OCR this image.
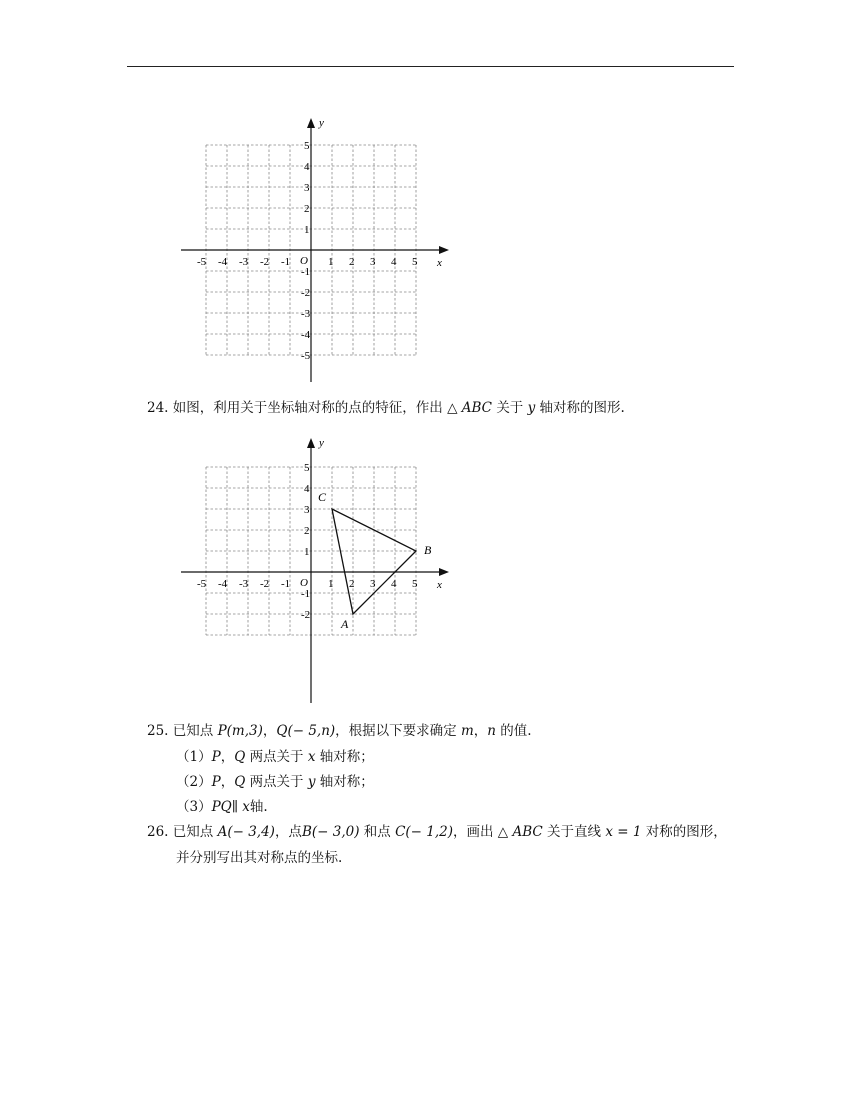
x
y
O
-5 -4 -3 -2 -1	1 2 3 4 5
5
4
3
2
1
-1
-2
-3
-4
-5
24. 如图，利用关于坐标轴对称的点的特征，作出 △ ABC 关于 y 轴对称的图形.
x
y
O
-5 -4 -3 -2 -1	1 2 3 4 5
5
4
3
2
1
-1
-2
A
B
C
25. 已知点 P(m,3)，Q(− 5,n)，根据以下要求确定 m，n 的值.
（1）P，Q 两点关于 x 轴对称；
（2）P，Q 两点关于 y 轴对称；
（3）PQ∥ x轴.
26. 已知点 A(− 3,4)，点B(− 3,0) 和点 C(− 1,2)，画出 △ ABC 关于直线 x = 1 对称的图形，
并分别写出其对称点的坐标.
